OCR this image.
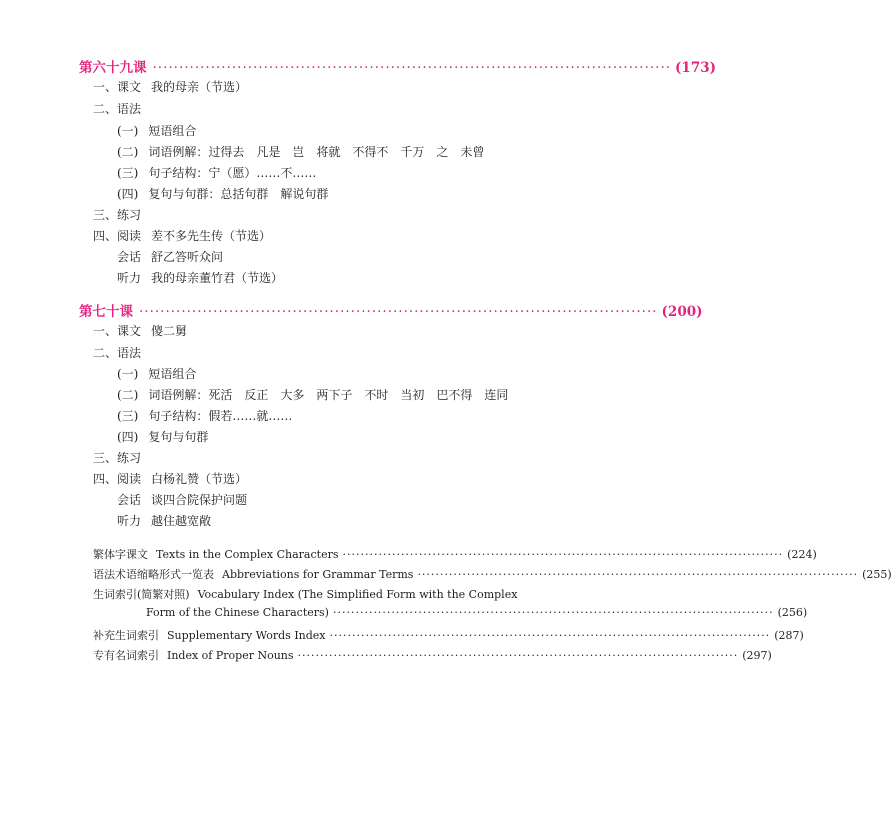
第六十九课 ·································································································· (173)
一、课文 我的母亲（节选）
二、语法
(一) 短语组合
(二) 词语例解：过得去　凡是　岂　将就　不得不　千万　之　未曾
(三) 句子结构：宁（愿）……不……
(四) 复句与句群：总括句群　解说句群
三、练习
四、阅读 差不多先生传（节选）
会话 舒乙答听众问
听力 我的母亲董竹君（节选）
第七十课 ·································································································· (200)
一、课文 傻二舅
二、语法
(一) 短语组合
(二) 词语例解：死活　反正　大多　两下子　不时　当初　巴不得　连同
(三) 句子结构：假若……就……
(四) 复句与句群
三、练习
四、阅读 白杨礼赞（节选）
会话 谈四合院保护问题
听力 越住越宽敞
繁体字课文 Texts in the Complex Characters ·································································································· (224)
语法术语缩略形式一览表 Abbreviations for Grammar Terms ·································································································· (255)
生词索引(简繁对照) Vocabulary Index (The Simplified Form with the Complex
Form of the Chinese Characters) ·································································································· (256)
补充生词索引 Supplementary Words Index ·································································································· (287)
专有名词索引 Index of Proper Nouns ·································································································· (297)
